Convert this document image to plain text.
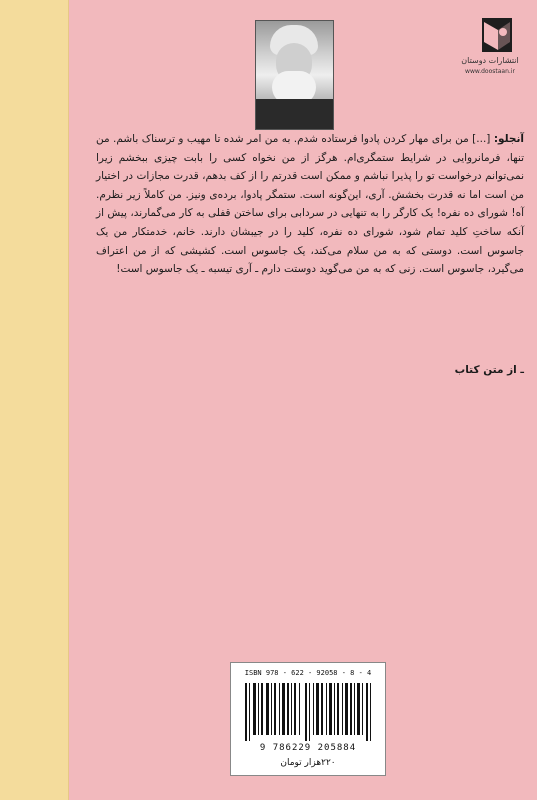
انتشارات دوستان
www.doostaan.ir
آنجلو: [...] من برای مهار کردن پادوا فرستاده شدم. به من امر شده تا مهیب و ترسناک باشم. من تنها، فرمانروایی در شرایط ستمگری‌ام. هرگز از من نخواه کسی را بابت چیزی ببخشم زیرا نمی‌توانم درخواست تو را پذیرا نباشم و ممکن است قدرتم را از کف بدهم، قدرت مجازات در اختیار من است اما نه قدرت بخشش. آری، این‌گونه است. ستمگر پادوا، برده‌ی ونیز. من کاملاً زیر نظرم. آه! شورای ده نفره! یک کارگر را به تنهایی در سردابی برای ساختن قفلی به کار می‌گمارند، پیش از آنکه ساختِ کلید تمام شود، شورای ده نفره، کلید را در جیبشان دارند. خانم، خدمتکار من یک جاسوس است. دوستی که به من سلام می‌کند، یک جاسوس است. کشیشی که از من اعتراف می‌گیرد، جاسوس است. زنی که به من می‌گوید دوستت دارم ـ آری تیسبه ـ یک جاسوس است!
ـ از متن کتاب
ISBN 978 - 622 - 92058 - 8 - 4
9 786229 205884
۲۲۰هزار تومان
